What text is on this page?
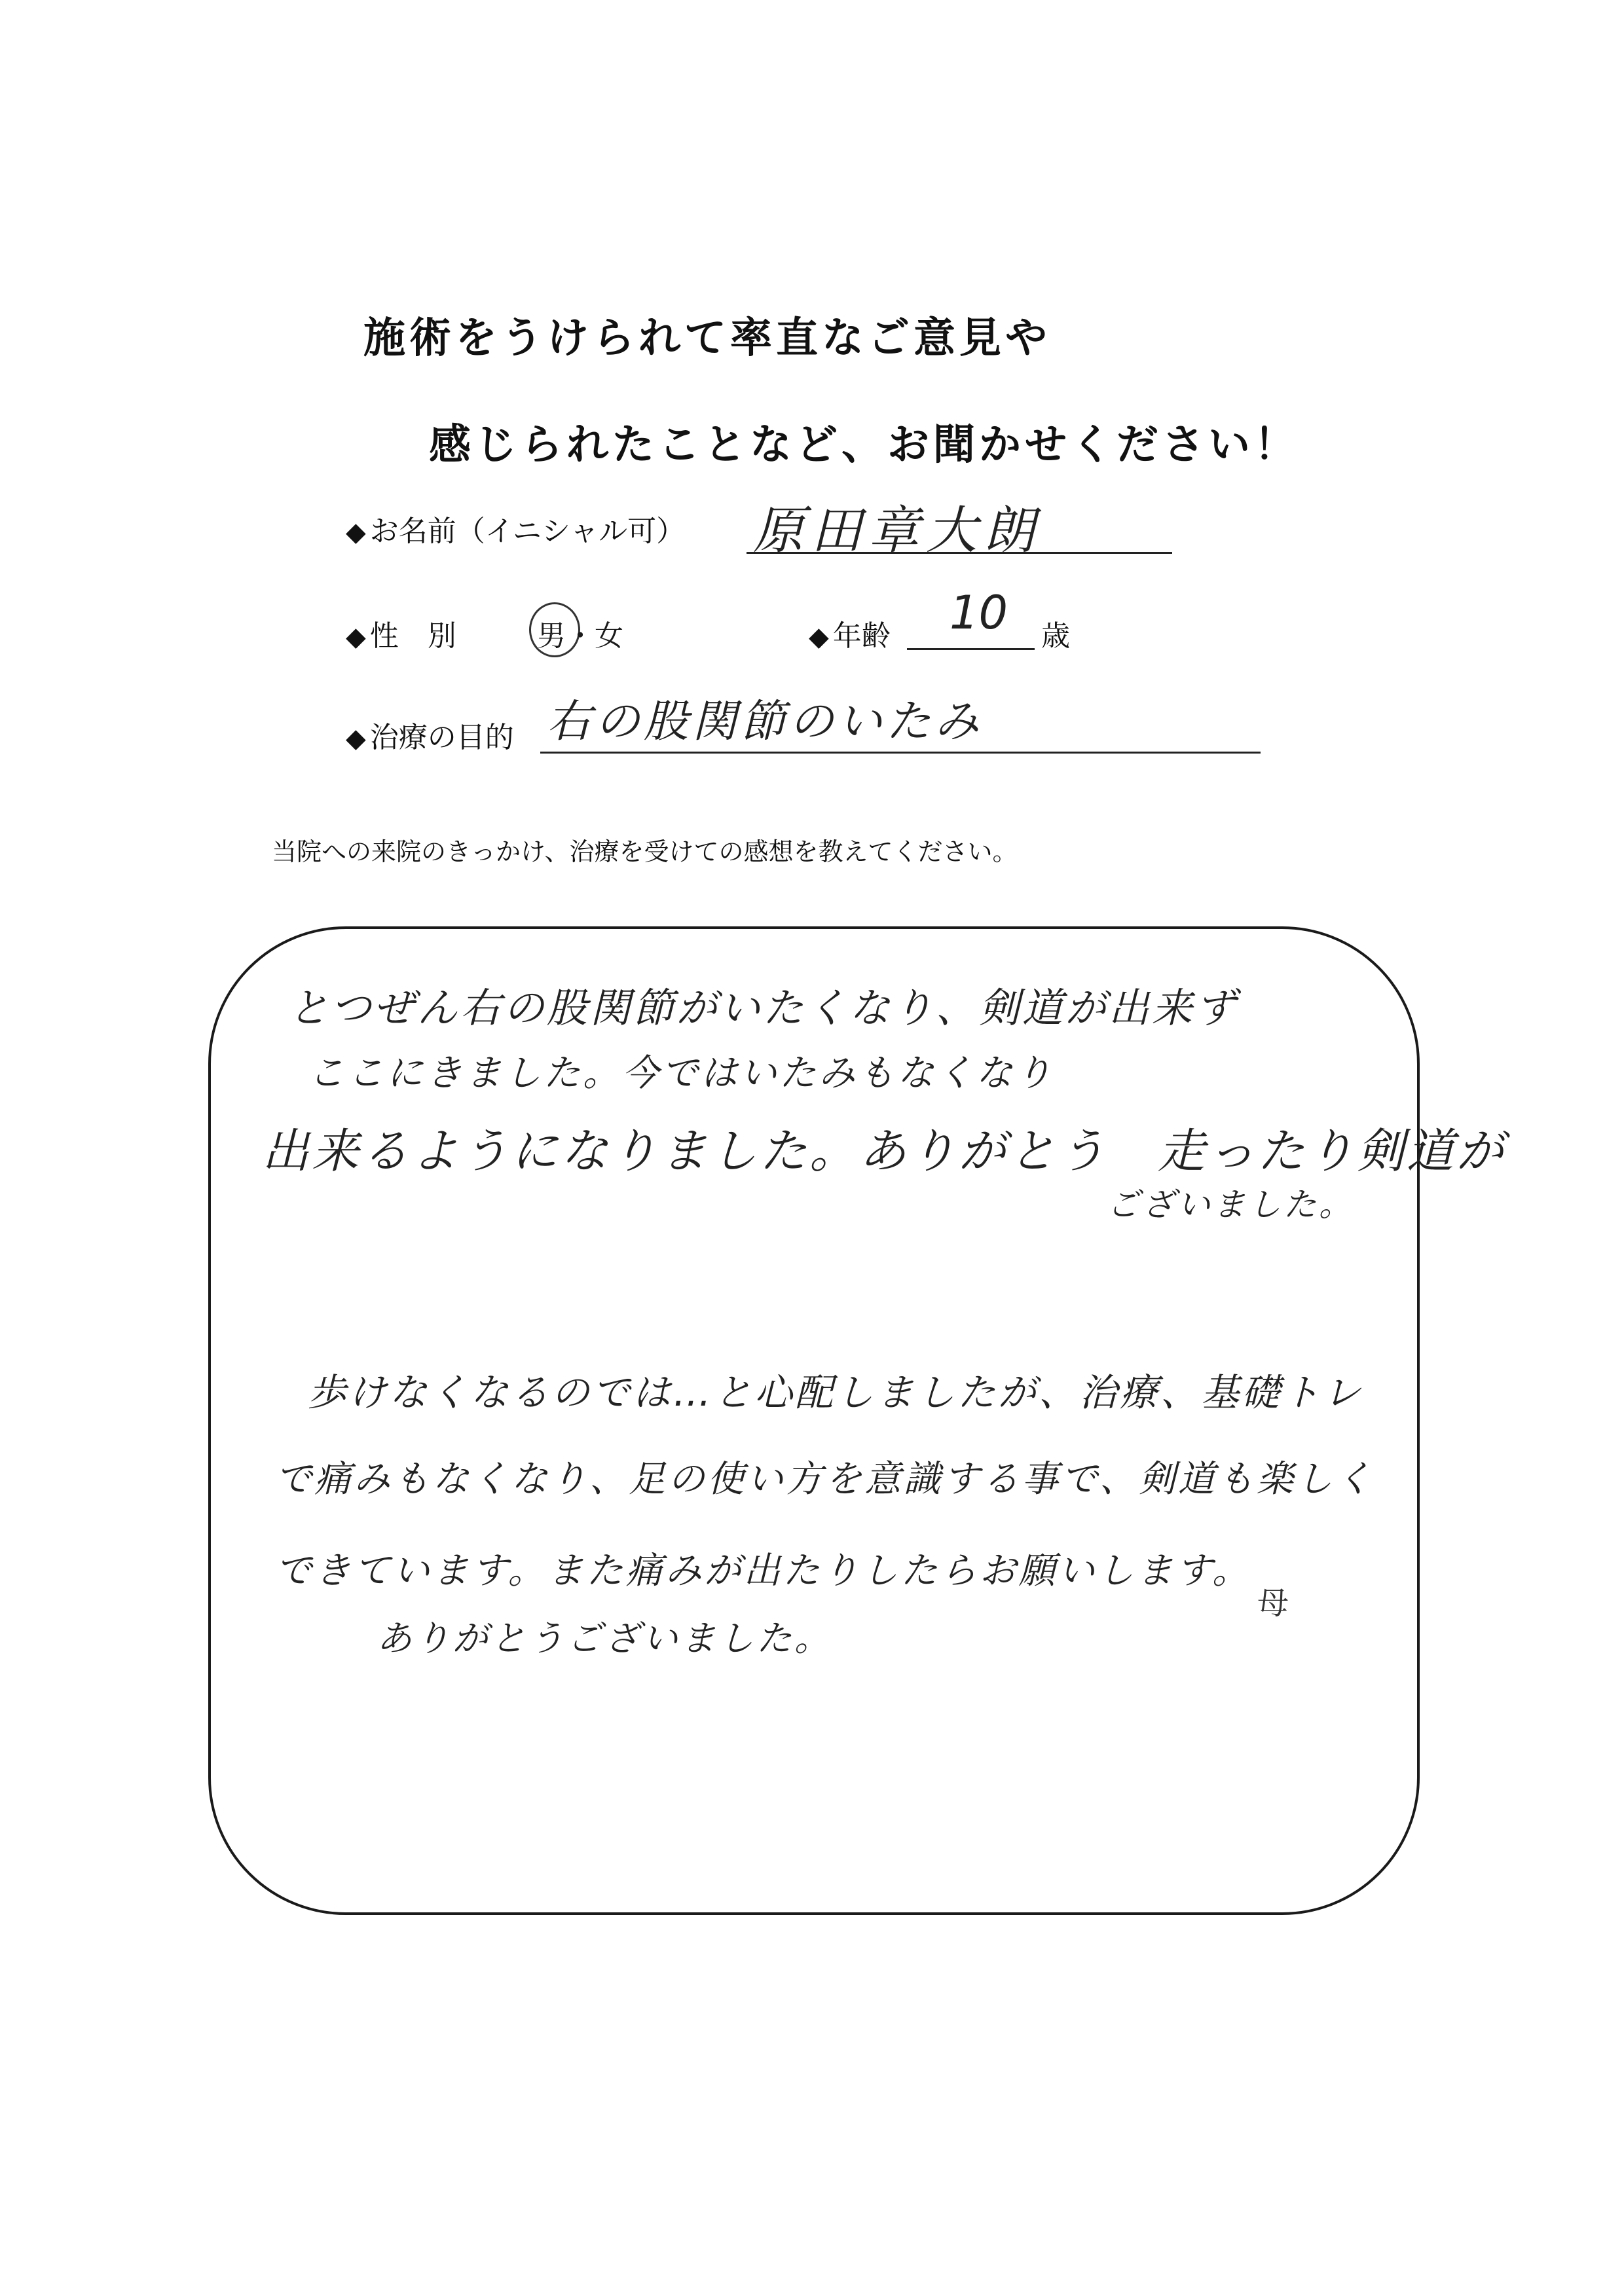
施術をうけられて率直なご意見や
感じられたことなど、お聞かせください！
◆ お名前（イニシャル可） 原田章大朗
◆ 性　別	男・女	◆ 年齢 10 歳
◆ 治療の目的 右の股関節のいたみ
当院への来院のきっかけ、治療を受けての感想を教えてください。
とつぜん右の股関節がいたくなり、剣道が出来ず
ここにきました。今ではいたみもなくなり
出来るようになりました。ありがとう　走ったり剣道が
ございました。
歩けなくなるのでは…と心配しましたが、治療、基礎トレ
で痛みもなくなり、足の使い方を意識する事で、剣道も楽しく
できています。また痛みが出たりしたらお願いします。
ありがとうございました。
母
